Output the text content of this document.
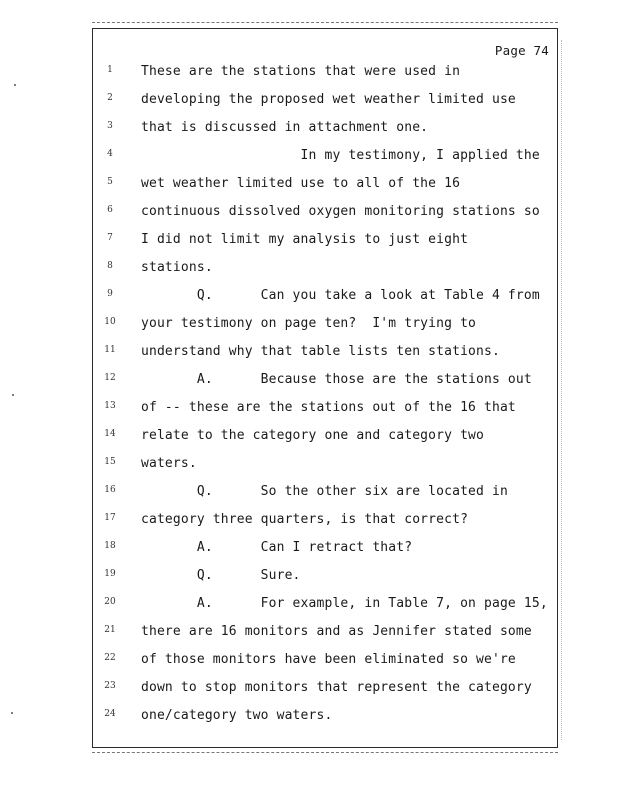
Page 74
1	These are the stations that were used in
2	developing the proposed wet weather limited use
3	that is discussed in attachment one.
4	In my testimony, I applied the
5	wet weather limited use to all of the 16
6	continuous dissolved oxygen monitoring stations so
7	I did not limit my analysis to just eight
8	stations.
9	Q.      Can you take a look at Table 4 from
10	your testimony on page ten?  I'm trying to
11	understand why that table lists ten stations.
12	A.      Because those are the stations out
13	of -- these are the stations out of the 16 that
14	relate to the category one and category two
15	waters.
16	Q.      So the other six are located in
17	category three quarters, is that correct?
18	A.      Can I retract that?
19	Q.      Sure.
20	A.      For example, in Table 7, on page 15,
21	there are 16 monitors and as Jennifer stated some
22	of those monitors have been eliminated so we're
23	down to stop monitors that represent the category
24	one/category two waters.
